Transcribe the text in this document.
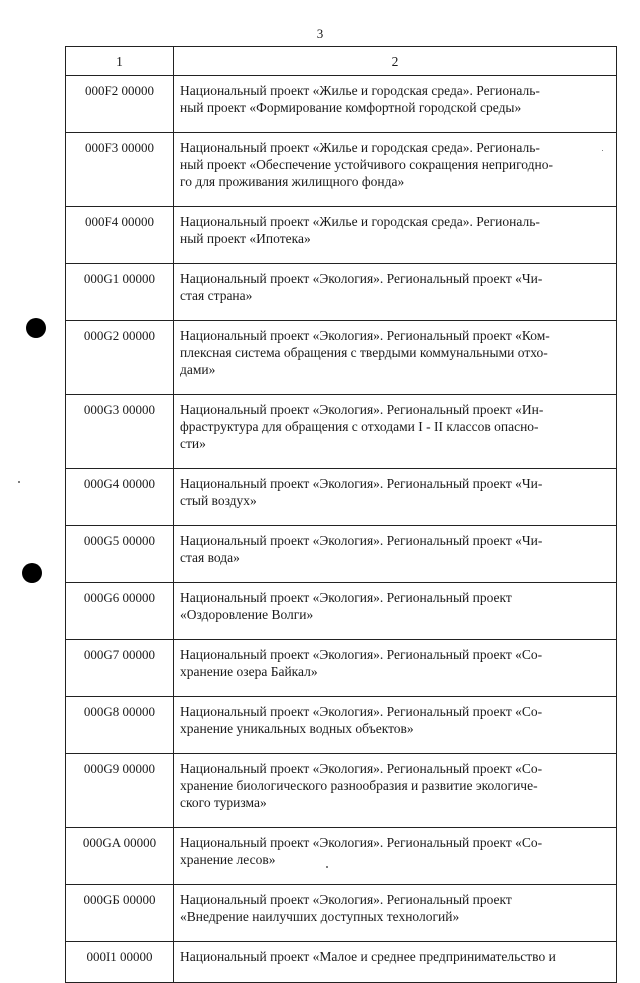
3
1	2
000F2 00000	Национальный проект «Жилье и городская среда». Региональ-
ный проект «Формирование комфортной городской среды»

000F3 00000	Национальный проект «Жилье и городская среда». Региональ-
ный проект «Обеспечение устойчивого сокращения непригодно-
го для проживания жилищного фонда»

000F4 00000	Национальный проект «Жилье и городская среда». Региональ-
ный проект «Ипотека»

000G1 00000	Национальный проект «Экология». Региональный проект «Чи-
стая страна»

000G2 00000	Национальный проект «Экология». Региональный проект «Ком-
плексная система обращения с твердыми коммунальными отхо-
дами»

000G3 00000	Национальный проект «Экология». Региональный проект «Ин-
фраструктура для обращения с отходами I - II классов опасно-
сти»

000G4 00000	Национальный проект «Экология». Региональный проект «Чи-
стый воздух»

000G5 00000	Национальный проект «Экология». Региональный проект «Чи-
стая вода»

000G6 00000	Национальный проект «Экология». Региональный проект
«Оздоровление Волги»

000G7 00000	Национальный проект «Экология». Региональный проект «Со-
хранение озера Байкал»

000G8 00000	Национальный проект «Экология». Региональный проект «Со-
хранение уникальных водных объектов»

000G9 00000	Национальный проект «Экология». Региональный проект «Со-
хранение биологического разнообразия и развитие экологиче-
ского туризма»

000GA 00000	Национальный проект «Экология». Региональный проект «Со-
хранение лесов»

000GБ 00000	Национальный проект «Экология». Региональный проект
«Внедрение наилучших доступных технологий»

000I1 00000	Национальный проект «Малое и среднее предпринимательство и
